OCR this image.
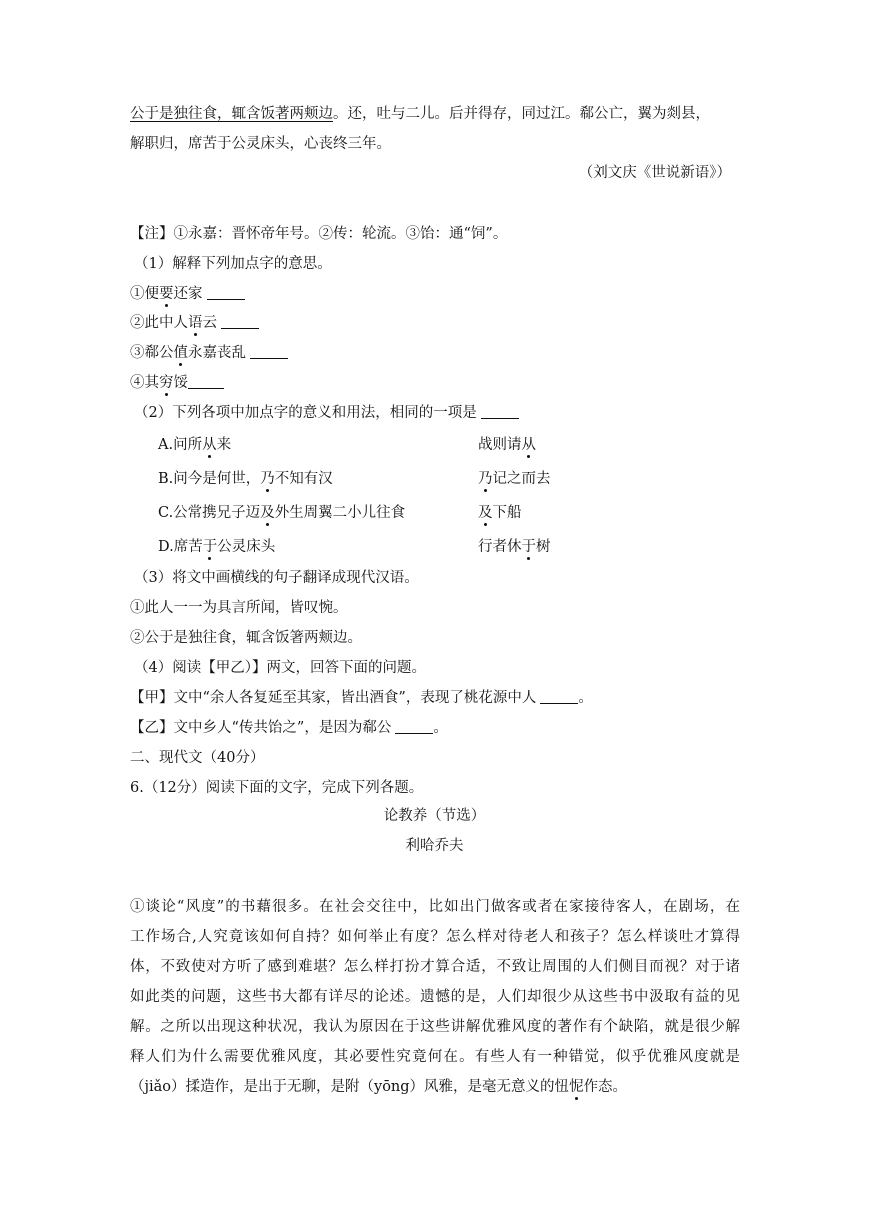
公于是独往食，辄含饭著两颊边。还，吐与二儿。后并得存，同过江。郗公亡，翼为剡县，
解职归，席苦于公灵床头，心丧终三年。
（刘文庆《世说新语》）
【注】①永嘉：晋怀帝年号。②传：轮流。③饴：通“饲”。
（1）解释下列加点字的意思。
①便要还家
②此中人语云
③郗公值永嘉丧乱
④其穷馁
（2）下列各项中加点字的意义和用法，相同的一项是
A.问所从来	战则请从
B.问今是何世，乃不知有汉	乃记之而去
C.公常携兄子迈及外生周翼二小儿往食	及下船
D.席苦于公灵床头	行者休于树
（3）将文中画横线的句子翻译成现代汉语。
①此人一一为具言所闻，皆叹惋。
②公于是独往食，辄含饭箸两颊边。
（4）阅读【甲乙）】两文，回答下面的问题。
【甲】文中“余人各复延至其家，皆出酒食”，表现了桃花源中人	。
【乙】文中乡人“传共饴之”，是因为郗公	。
二、现代文（40分）
6.（12分）阅读下面的文字，完成下列各题。
论教养（节选）
利哈乔夫
①谈论“风度”的书藉很多。在社会交往中，比如出门做客或者在家接待客人，在剧场，在
工作场合,人究竟该如何自持？如何举止有度？怎么样对待老人和孩子？怎么样谈吐才算得
体，不致使对方听了感到难堪？怎么样打扮才算合适，不致让周围的人们侧目而视？对于诸
如此类的问题，这些书大都有详尽的论述。遗憾的是，人们却很少从这些书中汲取有益的见
解。之所以出现这种状况，我认为原因在于这些讲解优雅风度的著作有个缺陷，就是很少解
释人们为什么需要优雅风度，其必要性究竟何在。有些人有一种错觉，似乎优雅风度就是
（jiǎo）揉造作，是出于无聊，是附（yōng）风雅，是毫无意义的忸怩作态。
